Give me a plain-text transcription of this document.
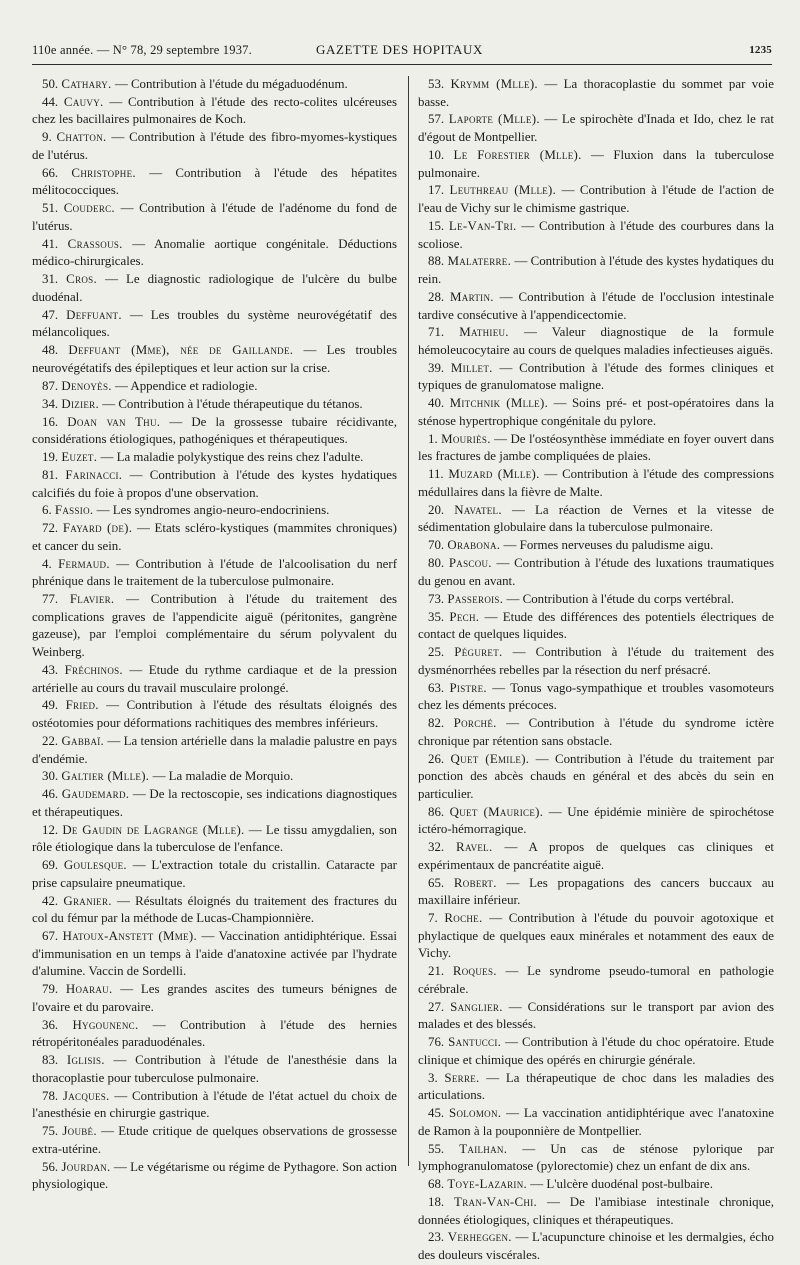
110e année. — N° 78, 29 septembre 1937.	GAZETTE DES HOPITAUX	1235

50. Cathary. — Contribution à l'étude du mégaduodénum.

44. Cauvy. — Contribution à l'étude des recto-colites ulcéreuses chez les bacillaires pulmonaires de Koch.

9. Chatton. — Contribution à l'étude des fibro-myomes-kystiques de l'utérus.

66. Christophe. — Contribution à l'étude des hépatites mélitococciques.

51. Couderc. — Contribution à l'étude de l'adénome du fond de l'utérus.

41. Crassous. — Anomalie aortique congénitale. Déductions médico-chirurgicales.

31. Cros. — Le diagnostic radiologique de l'ulcère du bulbe duodénal.

47. Deffuant. — Les troubles du système neurovégétatif des mélancoliques.

48. Deffuant (Mme), née de Gaillande. — Les troubles neurovégétatifs des épileptiques et leur action sur la crise.

87. Denoyès. — Appendice et radiologie.

34. Dizier. — Contribution à l'étude thérapeutique du tétanos.

16. Doan van Thu. — De la grossesse tubaire récidivante, considérations étiologiques, pathogéniques et thérapeutiques.

19. Euzet. — La maladie polykystique des reins chez l'adulte.

81. Farinacci. — Contribution à l'étude des kystes hydatiques calcifiés du foie à propos d'une observation.

6. Fassio. — Les syndromes angio-neuro-endocriniens.

72. Fayard (de). — Etats scléro-kystiques (mammites chroniques) et cancer du sein.

4. Fermaud. — Contribution à l'étude de l'alcoolisation du nerf phrénique dans le traitement de la tuberculose pulmonaire.

77. Flavier. — Contribution à l'étude du traitement des complications graves de l'appendicite aiguë (péritonites, gangrène gazeuse), par l'emploi complémentaire du sérum polyvalent du Weinberg.

43. Fréchinos. — Etude du rythme cardiaque et de la pression artérielle au cours du travail musculaire prolongé.

49. Fried. — Contribution à l'étude des résultats éloignés des ostéotomies pour déformations rachitiques des membres inférieurs.

22. Gabbaï. — La tension artérielle dans la maladie palustre en pays d'endémie.

30. Galtier (Mlle). — La maladie de Morquio.

46. Gaudemard. — De la rectoscopie, ses indications diagnostiques et thérapeutiques.

12. De Gaudin de Lagrange (Mlle). — Le tissu amygdalien, son rôle étiologique dans la tuberculose de l'enfance.

69. Goulesque. — L'extraction totale du cristallin. Cataracte par prise capsulaire pneumatique.

42. Granier. — Résultats éloignés du traitement des fractures du col du fémur par la méthode de Lucas-Championnière.

67. Hatoux-Anstett (Mme). — Vaccination antidiphtérique. Essai d'immunisation en un temps à l'aide d'anatoxine activée par l'hydrate d'alumine. Vaccin de Sordelli.

79. Hoarau. — Les grandes ascites des tumeurs bénignes de l'ovaire et du parovaire.

36. Hygounenc. — Contribution à l'étude des hernies rétropéritonéales paraduodénales.

83. Iglisis. — Contribution à l'étude de l'anesthésie dans la thoracoplastie pour tuberculose pulmonaire.

78. Jacques. — Contribution à l'étude de l'état actuel du choix de l'anesthésie en chirurgie gastrique.

75. Joubé. — Etude critique de quelques observations de grossesse extra-utérine.

56. Jourdan. — Le végétarisme ou régime de Pythagore. Son action physiologique.

53. Krymm (Mlle). — La thoracoplastie du sommet par voie basse.

57. Laporte (Mlle). — Le spirochète d'Inada et Ido, chez le rat d'égout de Montpellier.

10. Le Forestier (Mlle). — Fluxion dans la tuberculose pulmonaire.

17. Leuthreau (Mlle). — Contribution à l'étude de l'action de l'eau de Vichy sur le chimisme gastrique.

15. Le-Van-Tri. — Contribution à l'étude des courbures dans la scoliose.

88. Malaterre. — Contribution à l'étude des kystes hydatiques du rein.

28. Martin. — Contribution à l'étude de l'occlusion intestinale tardive consécutive à l'appendicectomie.

71. Mathieu. — Valeur diagnostique de la formule hémoleucocytaire au cours de quelques maladies infectieuses aiguës.

39. Millet. — Contribution à l'étude des formes cliniques et typiques de granulomatose maligne.

40. Mitchnik (Mlle). — Soins pré- et post-opératoires dans la sténose hypertrophique congénitale du pylore.

1. Mouriès. — De l'ostéosynthèse immédiate en foyer ouvert dans les fractures de jambe compliquées de plaies.

11. Muzard (Mlle). — Contribution à l'étude des compressions médullaires dans la fièvre de Malte.

20. Navatel. — La réaction de Vernes et la vitesse de sédimentation globulaire dans la tuberculose pulmonaire.

70. Orabona. — Formes nerveuses du paludisme aigu.

80. Pascou. — Contribution à l'étude des luxations traumatiques du genou en avant.

73. Passerois. — Contribution à l'étude du corps vertébral.

35. Pech. — Etude des différences des potentiels électriques de contact de quelques liquides.

25. Péguret. — Contribution à l'étude du traitement des dysménorrhées rebelles par la résection du nerf présacré.

63. Pistre. — Tonus vago-sympathique et troubles vasomoteurs chez les déments précoces.

82. Porché. — Contribution à l'étude du syndrome ictère chronique par rétention sans obstacle.

26. Quet (Emile). — Contribution à l'étude du traitement par ponction des abcès chauds en général et des abcès du sein en particulier.

86. Quet (Maurice). — Une épidémie minière de spirochétose ictéro-hémorragique.

32. Ravel. — A propos de quelques cas cliniques et expérimentaux de pancréatite aiguë.

65. Robert. — Les propagations des cancers buccaux au maxillaire inférieur.

7. Roche. — Contribution à l'étude du pouvoir agotoxique et phylactique de quelques eaux minérales et notamment des eaux de Vichy.

21. Roques. — Le syndrome pseudo-tumoral en pathologie cérébrale.

27. Sanglier. — Considérations sur le transport par avion des malades et des blessés.

76. Santucci. — Contribution à l'étude du choc opératoire. Etude clinique et chimique des opérés en chirurgie générale.

3. Serre. — La thérapeutique de choc dans les maladies des articulations.

45. Solomon. — La vaccination antidiphtérique avec l'anatoxine de Ramon à la pouponnière de Montpellier.

55. Tailhan. — Un cas de sténose pylorique par lymphogranulomatose (pylorectomie) chez un enfant de dix ans.

68. Toye-Lazarin. — L'ulcère duodénal post-bulbaire.

18. Tran-Van-Chi. — De l'amibiase intestinale chronique, données étiologiques, cliniques et thérapeutiques.

23. Verheggen. — L'acupuncture chinoise et les dermalgies, écho des douleurs viscérales.
